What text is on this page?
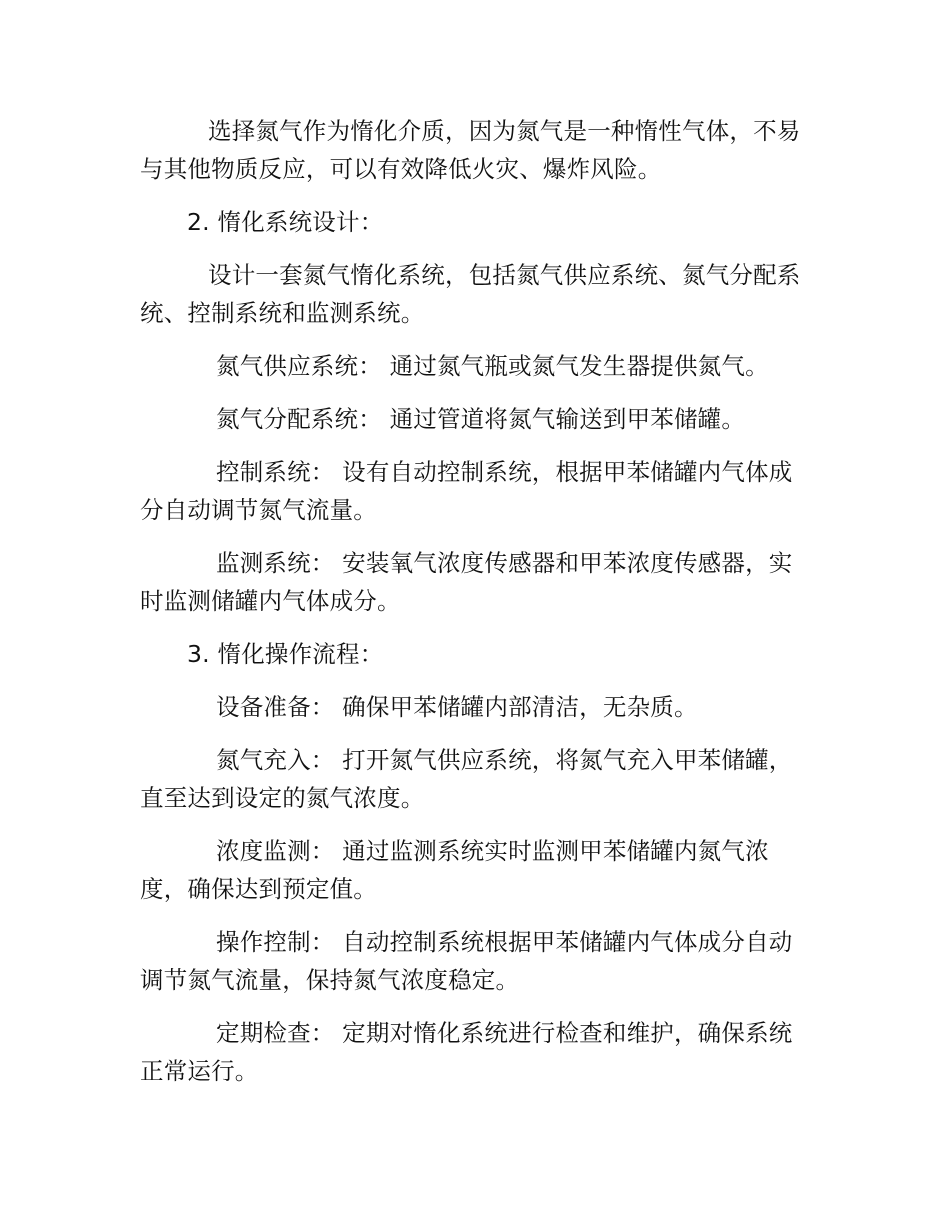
选择氮气作为惰化介质，因为氮气是一种惰性气体，不易与其他物质反应，可以有效降低火灾、爆炸风险。

2. 惰化系统设计：

设计一套氮气惰化系统，包括氮气供应系统、氮气分配系统、控制系统和监测系统。

氮气供应系统： 通过氮气瓶或氮气发生器提供氮气。

氮气分配系统： 通过管道将氮气输送到甲苯储罐。

控制系统： 设有自动控制系统，根据甲苯储罐内气体成分自动调节氮气流量。

监测系统： 安装氧气浓度传感器和甲苯浓度传感器，实时监测储罐内气体成分。

3. 惰化操作流程：

设备准备： 确保甲苯储罐内部清洁，无杂质。

氮气充入： 打开氮气供应系统，将氮气充入甲苯储罐，直至达到设定的氮气浓度。

浓度监测： 通过监测系统实时监测甲苯储罐内氮气浓度，确保达到预定值。

操作控制： 自动控制系统根据甲苯储罐内气体成分自动调节氮气流量，保持氮气浓度稳定。

定期检查： 定期对惰化系统进行检查和维护，确保系统正常运行。
